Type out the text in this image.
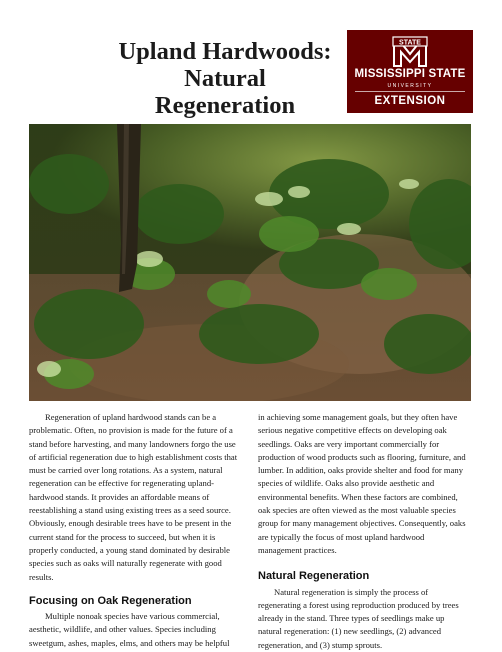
Upland Hardwoods:
Natural Regeneration
STATE
MISSISSIPPI STATE
UNIVERSITY
EXTENSION

Regeneration of upland hardwood stands can be a problematic. Often, no provision is made for the future of a stand before harvesting, and many landowners forgo the use of artificial regeneration due to high establishment costs that must be carried over long rotations. As a system, natural regeneration can be effective for regenerating upland-hardwood stands. It provides an affordable means of reestablishing a stand using existing trees as a seed source. Obviously, enough desirable trees have to be present in the current stand for the process to succeed, but when it is properly conducted, a young stand dominated by desirable species such as oaks will naturally regenerate with good results.

Focusing on Oak Regeneration

Multiple nonoak species have various commercial, aesthetic, wildlife, and other values. Species including sweetgum, ashes, maples, elms, and others may be helpful

in achieving some management goals, but they often have serious negative competitive effects on developing oak seedlings. Oaks are very important commercially for production of wood products such as flooring, furniture, and lumber. In addition, oaks provide shelter and food for many species of wildlife. Oaks also provide aesthetic and environmental benefits. When these factors are combined, oak species are often viewed as the most valuable species group for many management objectives. Consequently, oaks are typically the focus of most upland hardwood management practices.

Natural Regeneration

Natural regeneration is simply the process of regenerating a forest using reproduction produced by trees already in the stand. Three types of seedlings make up natural regeneration: (1) new seedlings, (2) advanced regeneration, and (3) stump sprouts.
